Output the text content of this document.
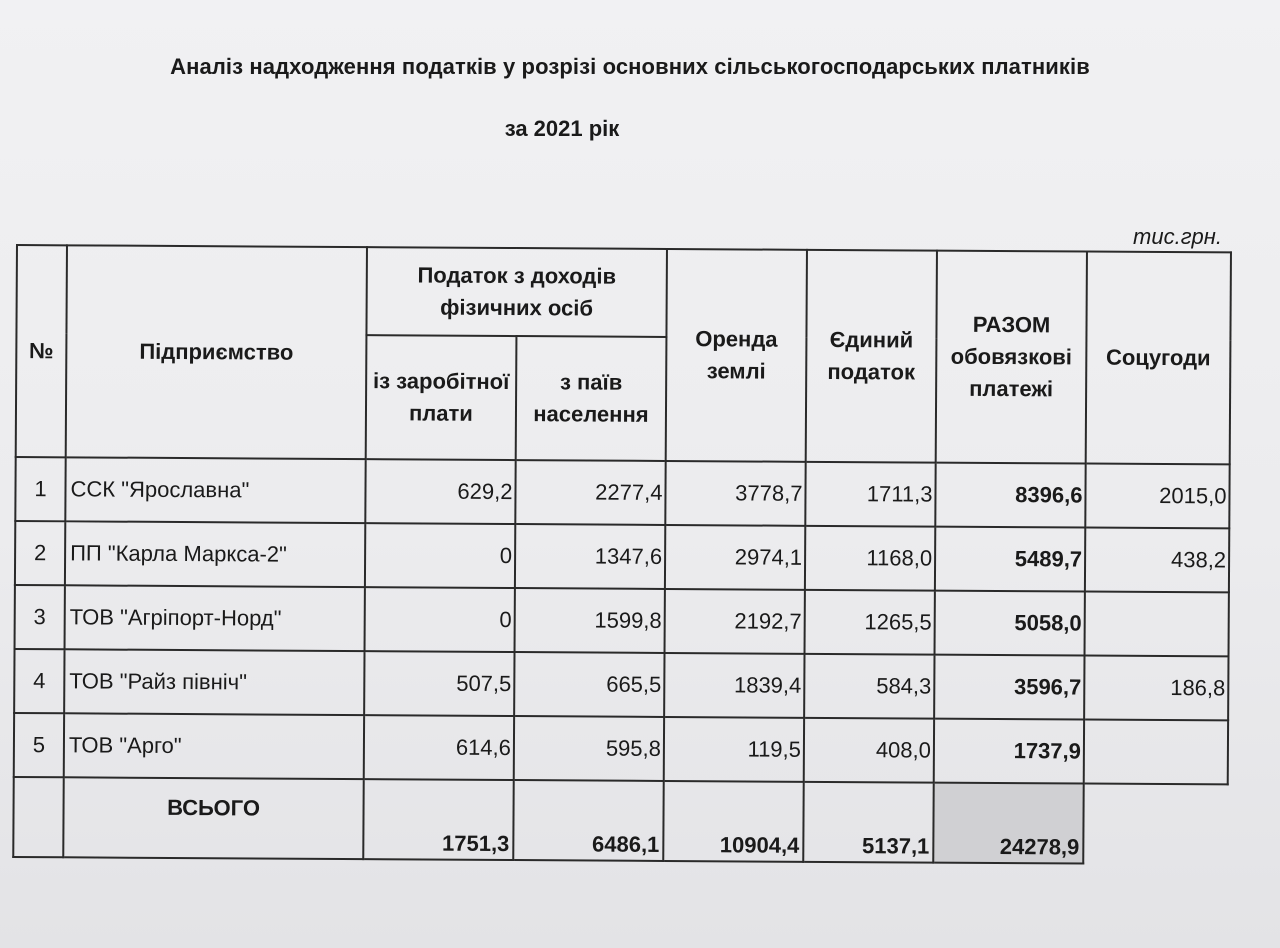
Аналіз надходження податків у розрізі основних сільськогосподарських платників
за 2021 рік
тис.грн.
№	Підприємство	Податок з доходів фізичних осіб		Оренда землі	Єдиний податок	РАЗОМ обовязкові платежі	Соцугоди
		із заробітної плати	з паїв населення				
1	ССК "Ярославна"	629,2	2277,4	3778,7	1711,3	8396,6	2015,0
2	ПП "Карла Маркса-2"	0	1347,6	2974,1	1168,0	5489,7	438,2
3	ТОВ "Агріпорт-Норд"	0	1599,8	2192,7	1265,5	5058,0	
4	ТОВ "Райз північ"	507,5	665,5	1839,4	584,3	3596,7	186,8
5	ТОВ "Арго"	614,6	595,8	119,5	408,0	1737,9	
	ВСЬОГО	1751,3	6486,1	10904,4	5137,1	24278,9	
